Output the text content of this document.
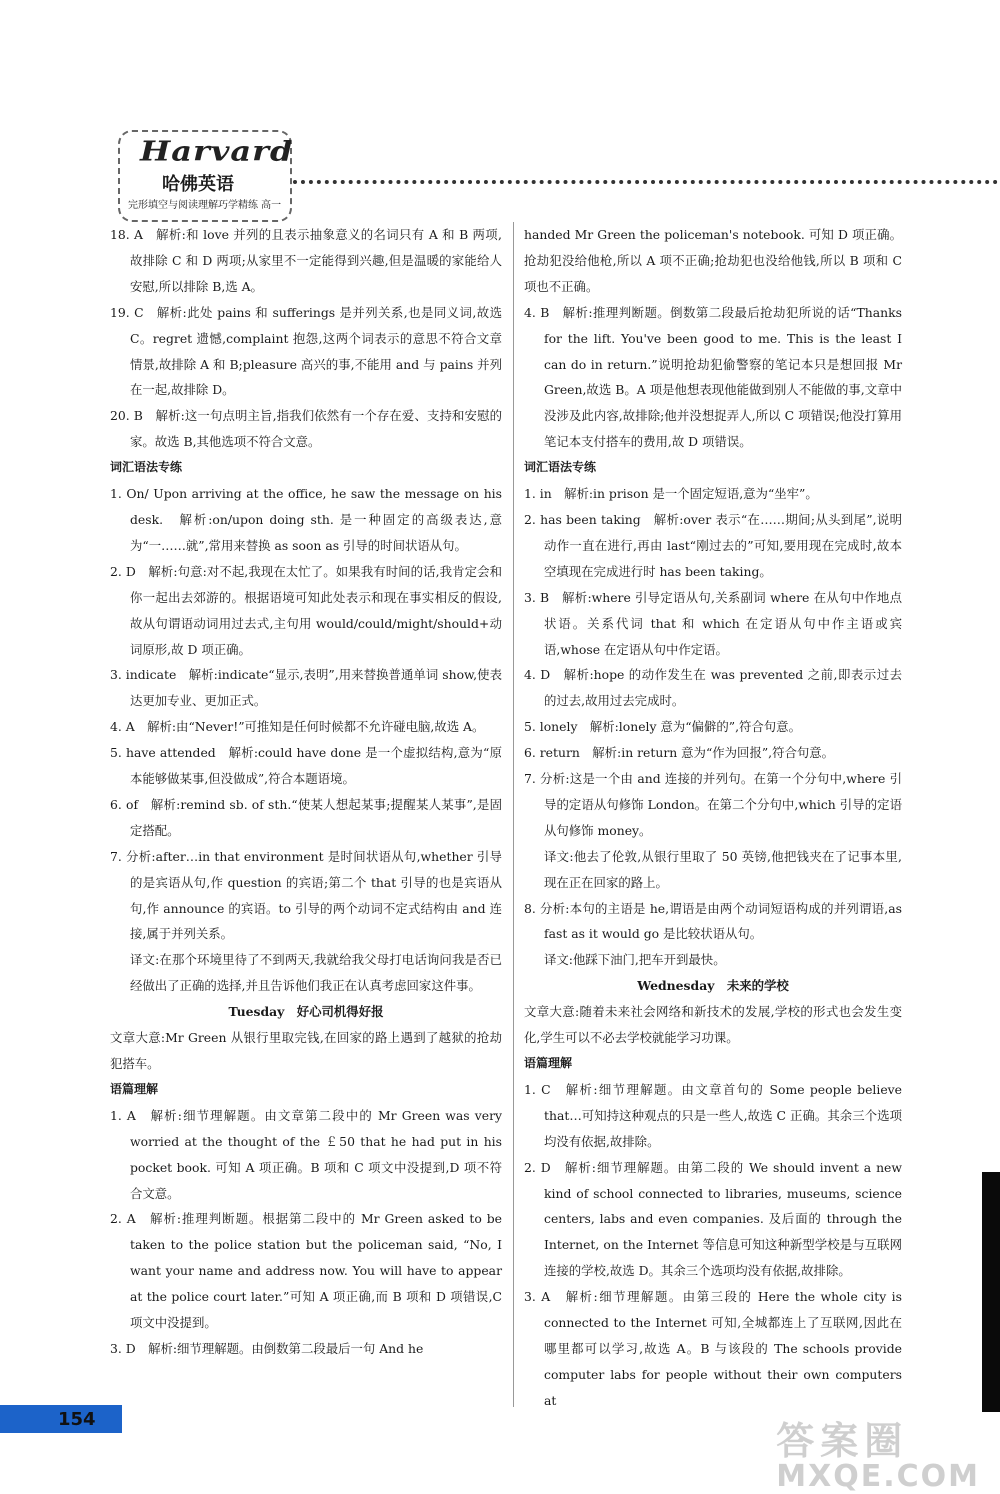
Harvard
哈佛英语
完形填空与阅读理解巧学精练 高一

18. A　解析:和 love 并列的且表示抽象意义的名词只有 A 和 B 两项,故排除 C 和 D 两项;从家里不一定能得到兴趣,但是温暖的家能给人安慰,所以排除 B,选 A。

19. C　解析:此处 pains 和 sufferings 是并列关系,也是同义词,故选 C。regret 遗憾,complaint 抱怨,这两个词表示的意思不符合文章情景,故排除 A 和 B;pleasure 高兴的事,不能用 and 与 pains 并列在一起,故排除 D。

20. B　解析:这一句点明主旨,指我们依然有一个存在爱、支持和安慰的家。故选 B,其他选项不符合文意。

词汇语法专练

1. On/ Upon arriving at the office, he saw the message on his desk.　解析:on/upon doing sth. 是一种固定的高级表达,意为“一……就”,常用来替换 as soon as 引导的时间状语从句。

2. D　解析:句意:对不起,我现在太忙了。如果我有时间的话,我肯定会和你一起出去郊游的。根据语境可知此处表示和现在事实相反的假设,故从句谓语动词用过去式,主句用 would/could/might/should+动词原形,故 D 项正确。

3. indicate　解析:indicate“显示,表明”,用来替换普通单词 show,使表达更加专业、更加正式。

4. A　解析:由“Never!”可推知是任何时候都不允许碰电脑,故选 A。

5. have attended　解析:could have done 是一个虚拟结构,意为“原本能够做某事,但没做成”,符合本题语境。

6. of　解析:remind sb. of sth.“使某人想起某事;提醒某人某事”,是固定搭配。

7. 分析:after…in that environment 是时间状语从句,whether 引导的是宾语从句,作 question 的宾语;第二个 that 引导的也是宾语从句,作 announce 的宾语。to 引导的两个动词不定式结构由 and 连接,属于并列关系。

译文:在那个环境里待了不到两天,我就给我父母打电话询问我是否已经做出了正确的选择,并且告诉他们我正在认真考虑回家这件事。

Tuesday　好心司机得好报

文章大意:Mr Green 从银行里取完钱,在回家的路上遇到了越狱的抢劫犯搭车。

语篇理解

1. A　解析:细节理解题。由文章第二段中的 Mr Green was very worried at the thought of the ￡50 that he had put in his pocket book. 可知 A 项正确。B 项和 C 项文中没提到,D 项不符合文意。

2. A　解析:推理判断题。根据第二段中的 Mr Green asked to be taken to the police station but the policeman said, “No, I want your name and address now. You will have to appear at the police court later.”可知 A 项正确,而 B 项和 D 项错误,C 项文中没提到。

3. D　解析:细节理解题。由倒数第二段最后一句 And he

handed Mr Green the policeman's notebook. 可知 D 项正确。抢劫犯没给他枪,所以 A 项不正确;抢劫犯也没给他钱,所以 B 项和 C 项也不正确。

4. B　解析:推理判断题。倒数第二段最后抢劫犯所说的话“Thanks for the lift. You've been good to me. This is the least I can do in return.”说明抢劫犯偷警察的笔记本只是想回报 Mr Green,故选 B。A 项是他想表现他能做到别人不能做的事,文章中没涉及此内容,故排除;他并没想捉弄人,所以 C 项错误;他没打算用笔记本支付搭车的费用,故 D 项错误。

词汇语法专练

1. in　解析:in prison 是一个固定短语,意为“坐牢”。

2. has been taking　解析:over 表示“在……期间;从头到尾”,说明动作一直在进行,再由 last“刚过去的”可知,要用现在完成时,故本空填现在完成进行时 has been taking。

3. B　解析:where 引导定语从句,关系副词 where 在从句中作地点状语。关系代词 that 和 which 在定语从句中作主语或宾语,whose 在定语从句中作定语。

4. D　解析:hope 的动作发生在 was prevented 之前,即表示过去的过去,故用过去完成时。

5. lonely　解析:lonely 意为“偏僻的”,符合句意。

6. return　解析:in return 意为“作为回报”,符合句意。

7. 分析:这是一个由 and 连接的并列句。在第一个分句中,where 引导的定语从句修饰 London。在第二个分句中,which 引导的定语从句修饰 money。

译文:他去了伦敦,从银行里取了 50 英镑,他把钱夹在了记事本里,现在正在回家的路上。

8. 分析:本句的主语是 he,谓语是由两个动词短语构成的并列谓语,as fast as it would go 是比较状语从句。

译文:他踩下油门,把车开到最快。

Wednesday　未来的学校

文章大意:随着未来社会网络和新技术的发展,学校的形式也会发生变化,学生可以不必去学校就能学习功课。

语篇理解

1. C　解析:细节理解题。由文章首句的 Some people believe that…可知持这种观点的只是一些人,故选 C 正确。其余三个选项均没有依据,故排除。

2. D　解析:细节理解题。由第二段的 We should invent a new kind of school connected to libraries, museums, science centers, labs and even companies. 及后面的 through the Internet, on the Internet 等信息可知这种新型学校是与互联网连接的学校,故选 D。其余三个选项均没有依据,故排除。

3. A　解析:细节理解题。由第三段的 Here the whole city is connected to the Internet 可知,全城都连上了互联网,因此在哪里都可以学习,故选 A。B 与该段的 The schools provide computer labs for people without their own computers at

154	答案圈
MXQE.COM
